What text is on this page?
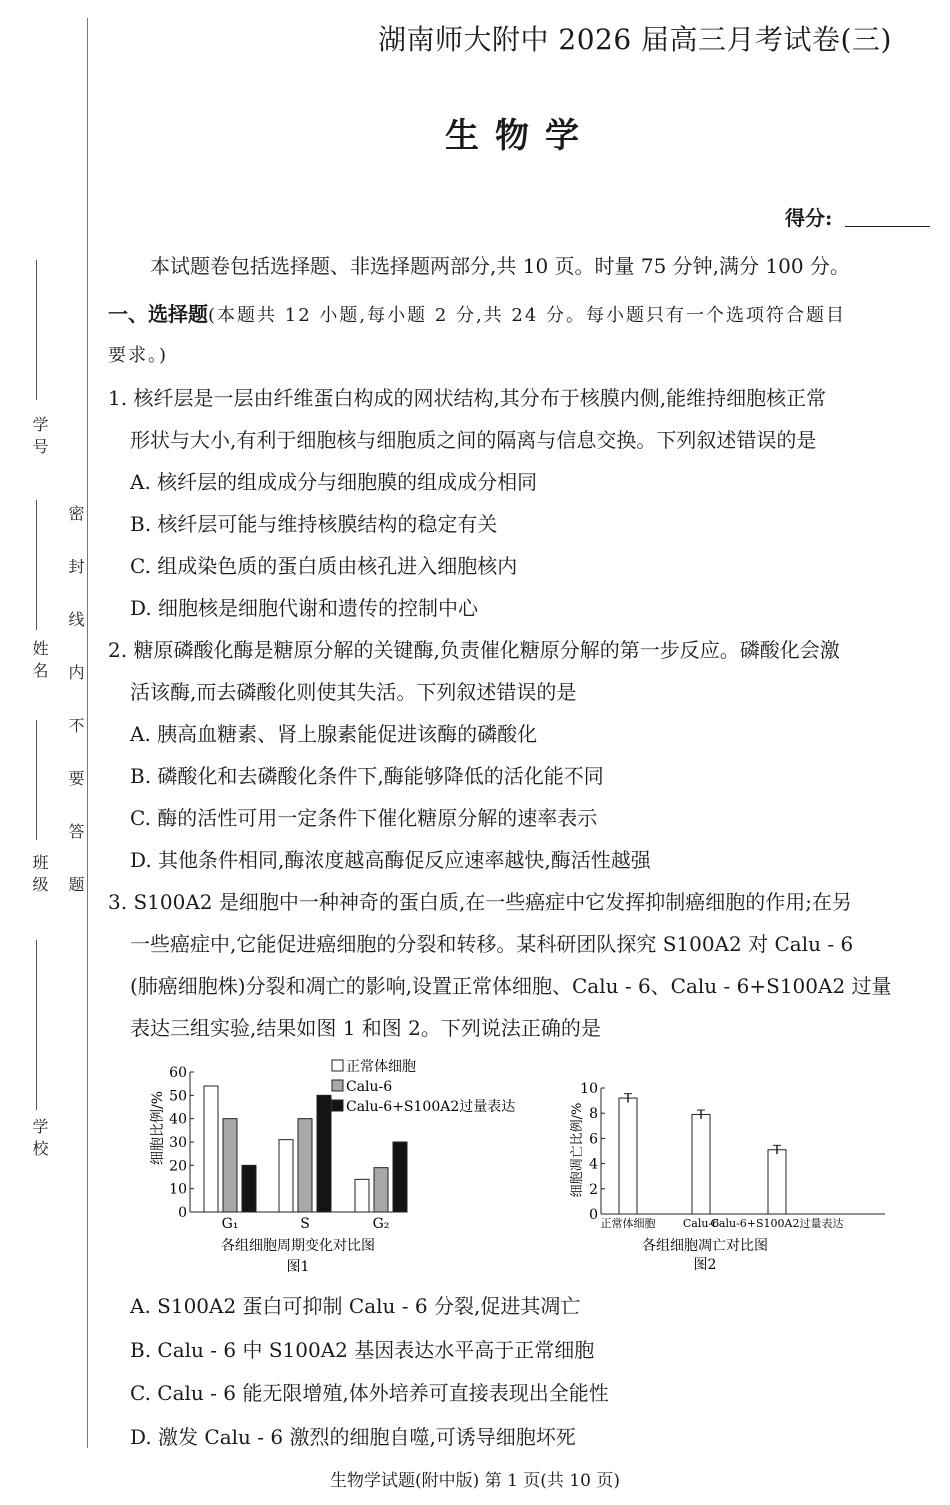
学号
姓名
班级
学校
密封线内不要答题
湖南师大附中 2026 届高三月考试卷(三)
生物学
得分:
本试题卷包括选择题、非选择题两部分,共 10 页。时量 75 分钟,满分 100 分。
一、选择题(本题共 12 小题,每小题 2 分,共 24 分。每小题只有一个选项符合题目
要求。)
1. 核纤层是一层由纤维蛋白构成的网状结构,其分布于核膜内侧,能维持细胞核正常
形状与大小,有利于细胞核与细胞质之间的隔离与信息交换。下列叙述错误的是
A. 核纤层的组成成分与细胞膜的组成成分相同
B. 核纤层可能与维持核膜结构的稳定有关
C. 组成染色质的蛋白质由核孔进入细胞核内
D. 细胞核是细胞代谢和遗传的控制中心
2. 糖原磷酸化酶是糖原分解的关键酶,负责催化糖原分解的第一步反应。磷酸化会激
活该酶,而去磷酸化则使其失活。下列叙述错误的是
A. 胰高血糖素、肾上腺素能促进该酶的磷酸化
B. 磷酸化和去磷酸化条件下,酶能够降低的活化能不同
C. 酶的活性可用一定条件下催化糖原分解的速率表示
D. 其他条件相同,酶浓度越高酶促反应速率越快,酶活性越强
3. S100A2 是细胞中一种神奇的蛋白质,在一些癌症中它发挥抑制癌细胞的作用;在另
一些癌症中,它能促进癌细胞的分裂和转移。某科研团队探究 S100A2 对 Calu - 6
(肺癌细胞株)分裂和凋亡的影响,设置正常体细胞、Calu - 6、Calu - 6+S100A2 过量
表达三组实验,结果如图 1 和图 2。下列说法正确的是
0
10
20
30
40
50
60
G₁	S	G₂
正常体细胞
Calu-6
Calu-6+S100A2过量表达
细胞比例/%
各组细胞周期变化对比图
图1
0
2
4
6
8
10
正常体细胞 Calu-6
Calu-6+S100A2过量表达
细胞凋亡比例/%
各组细胞凋亡对比图
图2
A. S100A2 蛋白可抑制 Calu - 6 分裂,促进其凋亡
B. Calu - 6 中 S100A2 基因表达水平高于正常细胞
C. Calu - 6 能无限增殖,体外培养可直接表现出全能性
D. 激发 Calu - 6 激烈的细胞自噬,可诱导细胞坏死
生物学试题(附中版) 第 1 页(共 10 页)
